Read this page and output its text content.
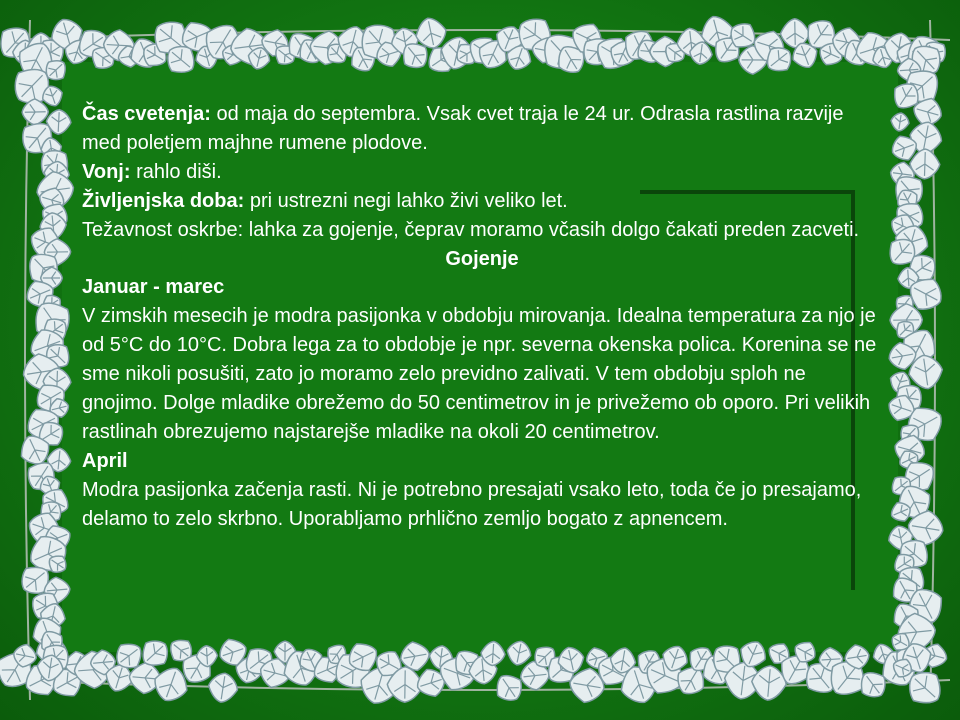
Čas cvetenja: od maja do septembra. Vsak cvet traja le 24 ur. Odrasla rastlina razvije med poletjem majhne rumene plodove.

Vonj: rahlo diši.

Življenjska doba: pri ustrezni negi lahko živi veliko let.

Težavnost oskrbe: lahka za gojenje, čeprav moramo včasih dolgo čakati preden zacveti.

Gojenje

Januar - marec

V zimskih mesecih je modra pasijonka v obdobju mirovanja. Idealna temperatura za njo je od 5°C do 10°C. Dobra lega za to obdobje je npr. severna okenska polica. Korenina se ne sme nikoli posušiti, zato jo moramo zelo previdno zalivati. V tem obdobju sploh ne gnojimo. Dolge mladike obrežemo do 50 centimetrov in je privežemo ob oporo. Pri velikih rastlinah obrezujemo najstarejše mladike na okoli 20 centimetrov.

April

Modra pasijonka začenja rasti. Ni je potrebno presajati vsako leto, toda če jo presajamo, delamo to zelo skrbno. Uporabljamo prhlično zemljo bogato z apnencem.
